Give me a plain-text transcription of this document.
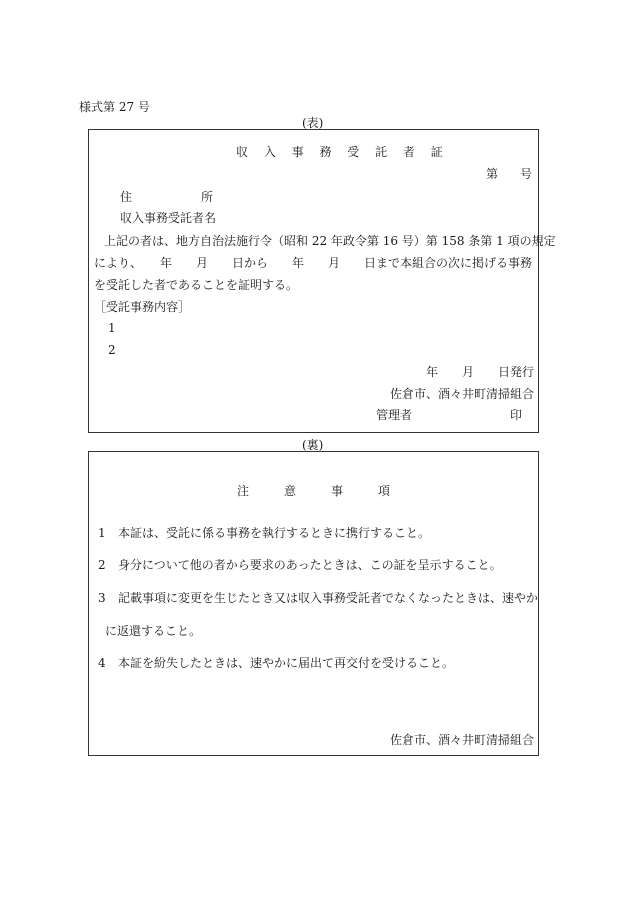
様式第 27 号
(表)
収 入 事 務 受 託 者 証
第 号
住	所
収入事務受託者名
上記の者は、地方自治法施行令（昭和 22 年政令第 16 号）第 158 条第 1 項の規定
により、　　年　　月　　日から　　年　　月　　日まで本組合の次に掲げる事務
を受託した者であることを証明する。
［受託事務内容］
1
2
年　　月　　日発行
佐倉市、酒々井町清掃組合
管理者	印
(裏)
注	意	事	項
1 本証は、受託に係る事務を執行するときに携行すること。
2 身分について他の者から要求のあったときは、この証を呈示すること。
3 記載事項に変更を生じたとき又は収入事務受託者でなくなったときは、速やか
に返還すること。
4 本証を紛失したときは、速やかに届出て再交付を受けること。
佐倉市、酒々井町清掃組合
